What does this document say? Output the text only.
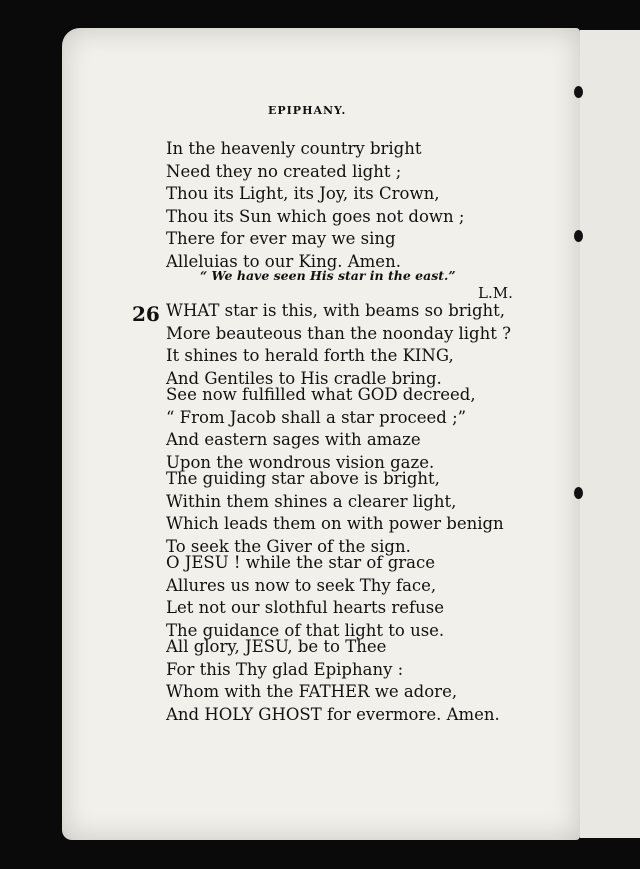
EPIPHANY.
In the heavenly country bright
Need they no created light ;
Thou its Light, its Joy, its Crown,
Thou its Sun which goes not down ;
There for ever may we sing
Alleluias to our King. Amen.
“ We have seen His star in the east.”
L.M.
26 WHAT star is this, with beams so bright,
More beauteous than the noonday light ?
It shines to herald forth the KING,
And Gentiles to His cradle bring.
See now fulfilled what GOD decreed,
“ From Jacob shall a star proceed ;”
And eastern sages with amaze
Upon the wondrous vision gaze.
The guiding star above is bright,
Within them shines a clearer light,
Which leads them on with power benign
To seek the Giver of the sign.
O JESU ! while the star of grace
Allures us now to seek Thy face,
Let not our slothful hearts refuse
The guidance of that light to use.
All glory, JESU, be to Thee
For this Thy glad Epiphany :
Whom with the FATHER we adore,
And HOLY GHOST for evermore. Amen.
